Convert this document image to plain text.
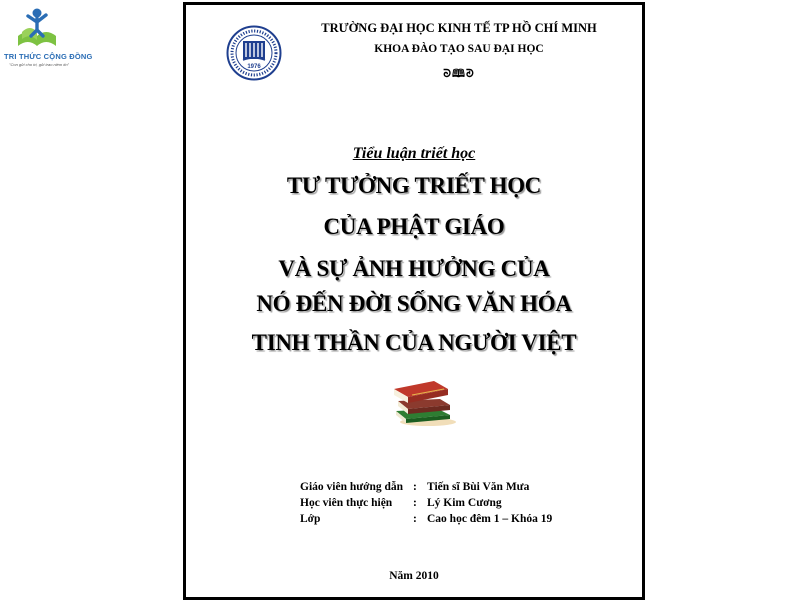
TRI THỨC CỘNG ĐỒNG
"Con gửi cho tri, gửi trao niềm tin"	1976
TRƯỜNG ĐẠI HỌC KINH TẾ TP HỒ CHÍ MINH
KHOA ĐÀO TẠO SAU ĐẠI HỌC
ᘐ🕮ᘑ
Tiểu luận triết học
TƯ TƯỞNG TRIẾT HỌC
CỦA PHẬT GIÁO
VÀ SỰ ẢNH HƯỞNG CỦA
NÓ ĐẾN ĐỜI SỐNG VĂN HÓA
TINH THẦN CỦA NGƯỜI VIỆT
Giáo viên hướng dẫn : Tiến sĩ Bùi Văn Mưa
Học viên thực hiện : Lý Kim Cương
Lớp	: Cao học đêm 1 – Khóa 19
Năm 2010
